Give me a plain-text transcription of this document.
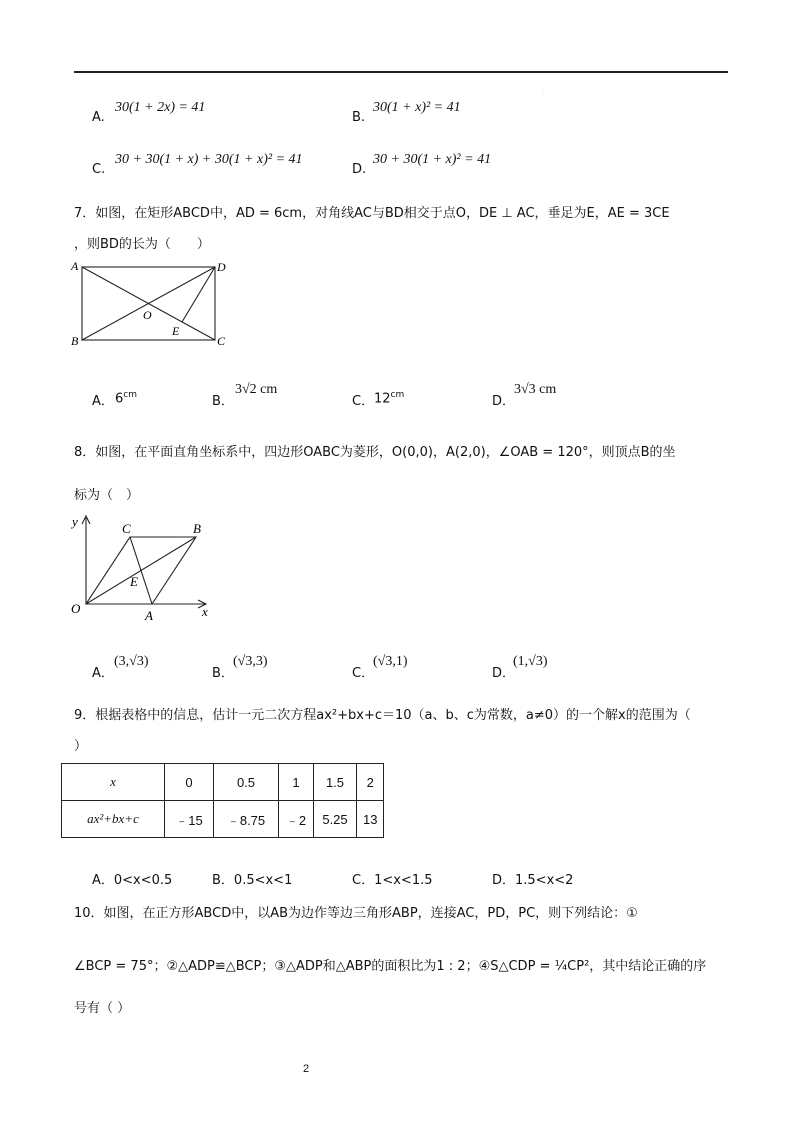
·
A.
30(1 + 2x) = 41
B.
30(1 + x)² = 41
C.
30 + 30(1 + x) + 30(1 + x)² = 41
D.
30 + 30(1 + x)² = 41
7．如图，在矩形ABCD中，AD = 6cm，对角线AC与BD相交于点O，DE ⊥ AC，垂足为E，AE = 3CE
，则BD的长为（　　）
A	D
B	C
O
E
A． $6^{cm}$	B．
3√2 cm
C． $12^{cm}$	D．
3√3 cm
8．如图，在平面直角坐标系中，四边形OABC为菱形，O(0,0)，A(2,0)，∠OAB = 120°，则顶点B的坐
标为（　）
y
x
O	A
B
C
E
A．
(3,√3)
B．
(√3,3)
C．
(√3,1)
D．
(1,√3)
9．根据表格中的信息，估计一元二次方程ax²+bx+c＝10（a、b、c为常数，a≠0）的一个解x的范围为（
）
x	0	0.5	1	1.5	2
ax²+bx+c	﹣15	﹣8.75	﹣2	5.25	13
A．0<x<0.5	B．0.5<x<1	C．1<x<1.5	D．1.5<x<2
10．如图，在正方形ABCD中，以AB为边作等边三角形ABP，连接AC，PD，PC，则下列结论：①
∠BCP = 75°；②△ADP≌△BCP；③△ADP和△ABP的面积比为1 : 2；④S△CDP = ¼CP²，其中结论正确的序
号有（ ）
2
